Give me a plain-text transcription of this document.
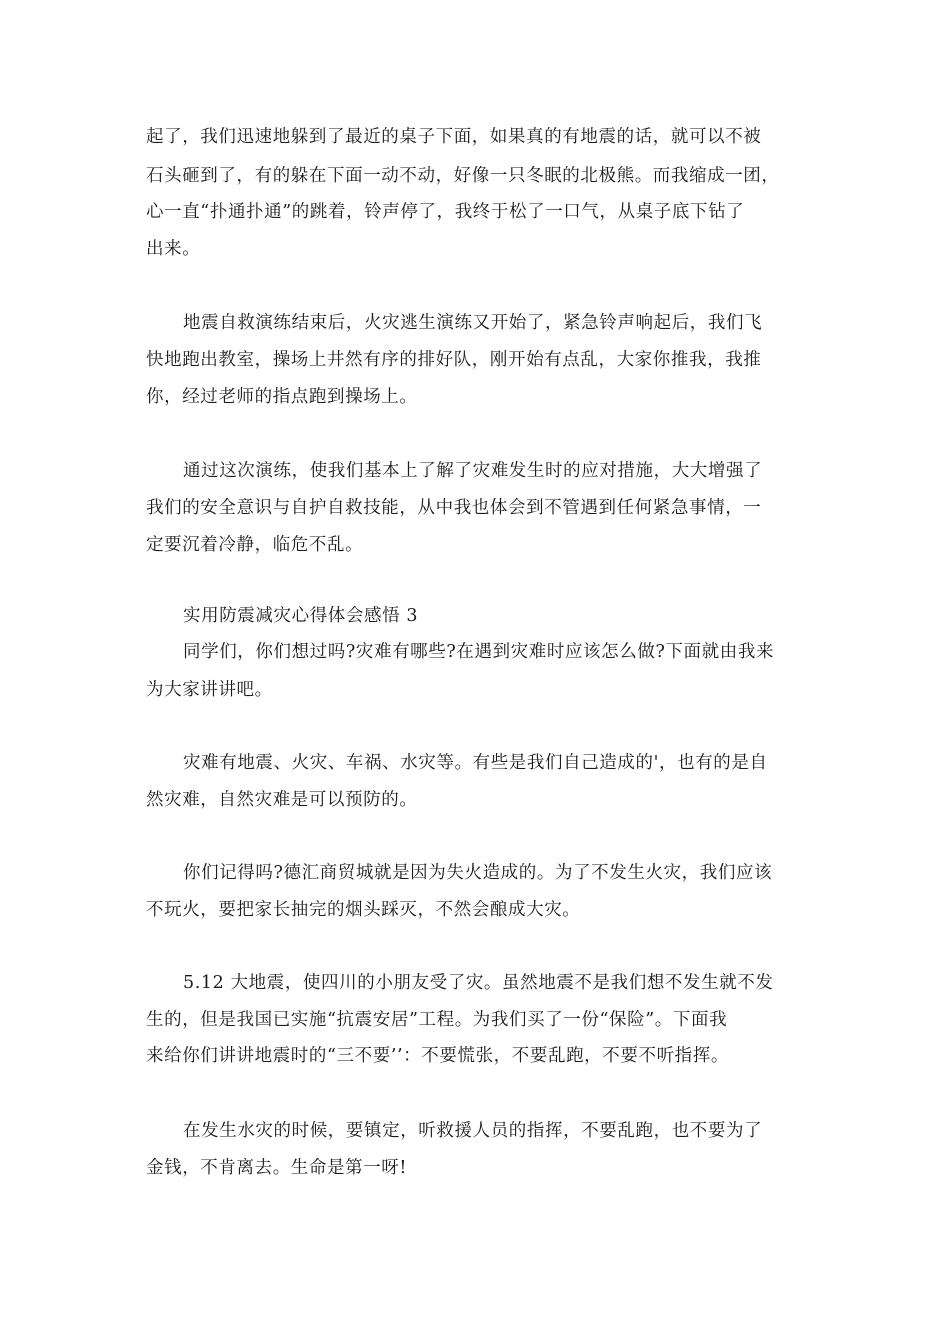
起了，我们迅速地躲到了最近的桌子下面，如果真的有地震的话，就可以不被
石头砸到了，有的躲在下面一动不动，好像一只冬眠的北极熊。而我缩成一团，
心一直“扑通扑通”的跳着，铃声停了，我终于松了一口气，从桌子底下钻了
出来。
地震自救演练结束后，火灾逃生演练又开始了，紧急铃声响起后，我们飞
快地跑出教室，操场上井然有序的排好队，刚开始有点乱，大家你推我，我推
你，经过老师的指点跑到操场上。
通过这次演练，使我们基本上了解了灾难发生时的应对措施，大大增强了
我们的安全意识与自护自救技能，从中我也体会到不管遇到任何紧急事情，一
定要沉着冷静，临危不乱。
实用防震减灾心得体会感悟 3
同学们，你们想过吗?灾难有哪些?在遇到灾难时应该怎么做?下面就由我来
为大家讲讲吧。
灾难有地震、火灾、车祸、水灾等。有些是我们自己造成的'，也有的是自
然灾难，自然灾难是可以预防的。
你们记得吗?德汇商贸城就是因为失火造成的。为了不发生火灾，我们应该
不玩火，要把家长抽完的烟头踩灭，不然会酿成大灾。
5.12 大地震，使四川的小朋友受了灾。虽然地震不是我们想不发生就不发
生的，但是我国已实施“抗震安居”工程。为我们买了一份“保险”。下面我
来给你们讲讲地震时的“三不要’’：不要慌张，不要乱跑，不要不听指挥。
在发生水灾的时候，要镇定，听救援人员的指挥，不要乱跑，也不要为了
金钱，不肯离去。生命是第一呀!
